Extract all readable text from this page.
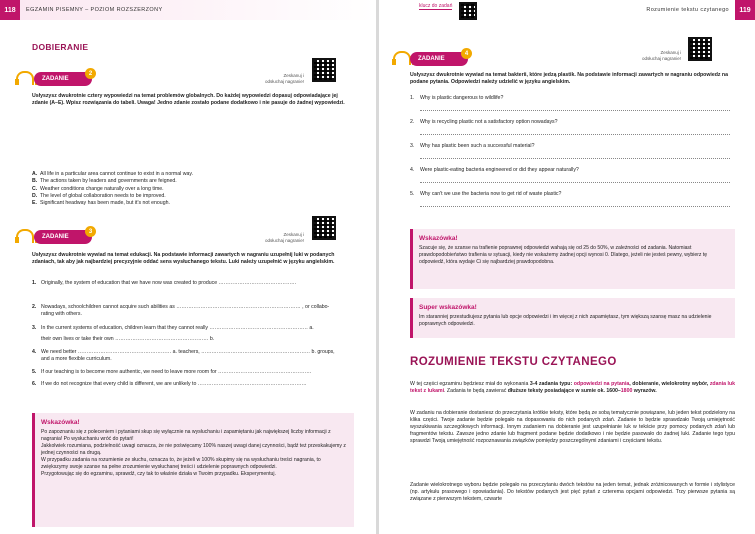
118	EGZAMIN PISEMNY – POZIOM ROZSZERZONY
DOBIERANIE
ZADANIE
2	Zeskanuj i odsłuchaj nagranie!
Usłyszysz dwukrotnie cztery wypowiedzi na temat problemów globalnych. Do każdej wypowiedzi dopasuj odpowiadające jej zdanie (A–E). Wpisz rozwiązania do tabeli. Uwaga! Jedno zdanie zostało podane dodatkowo i nie pasuje do żadnej wypowiedzi.
A. All life in a particular area cannot continue to exist in a normal way.
B. The actions taken by leaders and governments are feigned.
C. Weather conditions change naturally over a long time.
D. The level of global collaboration needs to be improved.
E. Significant headway has been made, but it's not enough.
ZADANIE
3	Zeskanuj i odsłuchaj nagranie!
Usłyszysz dwukrotnie wywiad na temat edukacji. Na podstawie informacji zawartych w nagraniu uzupełnij luki w podanych zdaniach, tak aby jak najbardziej precyzyjnie oddać sens wysłuchanego tekstu. Luki należy uzupełnić w języku angielskim.
1. Originally, the system of education that we have now was created to produce ………………………………………
2. Nowadays, schoolchildren cannot acquire such abilities as ……………………………………………………………… , or collabo-
rating with others.
3. In the current systems of education, children learn that they cannot really ………………………………………………… a.
their own lives or take their own ……………………………………………… b.
4. We need better ……………………………………………… a. teachers, ……………………………………………………… b. groups,
and a more flexible curriculum.
5. If our teaching is to become more authentic, we need to leave more room for ………………………………………………
6. If we do not recognize that every child is different, we are unlikely to ………………………………………………………
Wskazówka!
Po zapoznaniu się z poleceniem i pytaniami skup się wyłącznie na wysłuchaniu i zapamiętaniu jak największej liczby informacji z nagrania! Po wysłuchaniu wróć do pytań!
Jakkolwiek rozumiana, podzielność uwagi oznacza, że nie poświęcamy 100% naszej uwagi danej czynności, bądź też przeskakujemy z jednej czynności na drugą.
W przypadku zadania na rozumienie ze słuchu, oznacza to, że jeżeli w 100% skupimy się na wysłuchaniu treści nagrania, to zwiększymy swoje szanse na pełne zrozumienie wysłuchanej treści i udzielenie poprawnych odpowiedzi.
Przygotowując się do egzaminu, sprawdź, czy tak to właśnie działa w Twoim przypadku. Eksperymentuj.
Rozumienie tekstu czytanego	119
klucz do zadań
ZADANIE
4	Zeskanuj i odsłuchaj nagranie!
Usłyszysz dwukrotnie wywiad na temat bakterii, które jedzą plastik. Na podstawie informacji zawartych w nagraniu odpowiedz na podane pytania. Odpowiedzi należy udzielić w języku angielskim.
1. Why is plastic dangerous to wildlife?
2. Why is recycling plastic not a satisfactory option nowadays?
3. Why has plastic been such a successful material?
4. Were plastic-eating bacteria engineered or did they appear naturally?
5. Why can't we use the bacteria now to get rid of waste plastic?
Wskazówka!
Szacuje się, że szanse na trafienie poprawnej odpowiedzi wahają się od 25 do 50%, w zależności od zadania. Natomiast prawdopodobieństwo trafienia w sytuacji, kiedy nie wskażemy żadnej opcji wynosi 0. Dlatego, jeżeli nie jesteś pewny, wybierz tę odpowiedź, która wydaje Ci się najbardziej prawdopodobna.
Super wskazówka!
Im staranniej przestudiujesz pytania lub opcje odpowiedzi i im więcej z nich zapamiętasz, tym większą szansę masz na udzielenie poprawnych odpowiedzi.
ROZUMIENIE TEKSTU CZYTANEGO
W tej części egzaminu będziesz miał do wykonania 3-4 zadania typu: odpowiedzi na pytania, dobieranie, wielokrotny wybór, zdania luk tekst z lukami. Zadania te będą zawierać dłuższe teksty posiadające w sumie ok. 1600–1800 wyrazów.
W zadaniu na dobieranie dostaniesz do przeczytania krótkie teksty, które będą ze sobą tematycznie powiązane, lub jeden tekst podzielony na klika części. Twoje zadanie będzie polegało na dopasowaniu do nich podanych zdań. Zadanie to będzie sprawdzało Twoją umiejętność wyszukiwania szczegółowych informacji. Innym zadaniem na dobieranie jest uzupełnianie luk w tekście przy pomocy podanych zdań lub fragmentów tekstu. Zawsze jedno zdanie lub fragment podane będzie dodatkowo i nie będzie pasowało do żadnej luki. Zadanie tego typu sprawdzi Twoją umiejętność rozpoznawania związków pomiędzy poszczególnymi zdaniami i częściami tekstu.
Zadanie wielokrotnego wyboru będzie polegało na przeczytaniu dwóch tekstów na jeden temat, jednak zróżnicowanych w formie i stylistyce (np. artykułu prasowego i opowiadania). Do tekstów podanych jest pięć pytań z czterema opcjami odpowiedzi. Trzy pierwsze pytania są związane z pierwszym tekstem, czwarte
